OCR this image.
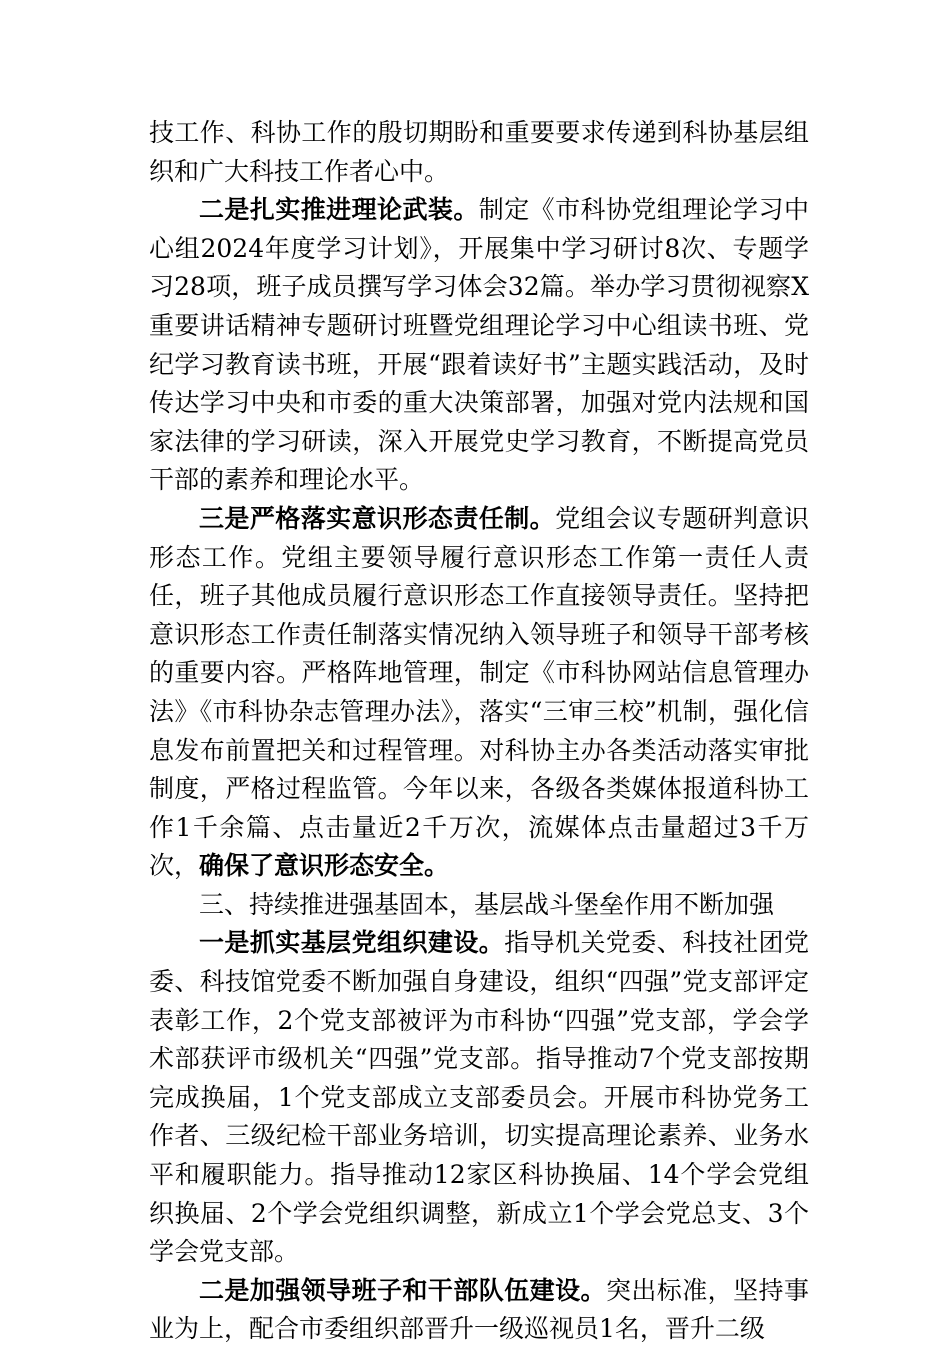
技工作、科协工作的殷切期盼和重要要求传递到科协基层组织和广大科技工作者心中。

二是扎实推进理论武装。制定《市科协党组理论学习中心组2024年度学习计划》，开展集中学习研讨8次、专题学习28项，班子成员撰写学习体会32篇。举办学习贯彻视察X重要讲话精神专题研讨班暨党组理论学习中心组读书班、党纪学习教育读书班，开展“跟着读好书”主题实践活动，及时传达学习中央和市委的重大决策部署，加强对党内法规和国家法律的学习研读，深入开展党史学习教育，不断提高党员干部的素养和理论水平。

三是严格落实意识形态责任制。党组会议专题研判意识形态工作。党组主要领导履行意识形态工作第一责任人责任，班子其他成员履行意识形态工作直接领导责任。坚持把意识形态工作责任制落实情况纳入领导班子和领导干部考核的重要内容。严格阵地管理，制定《市科协网站信息管理办法》《市科协杂志管理办法》，落实“三审三校”机制，强化信息发布前置把关和过程管理。对科协主办各类活动落实审批制度，严格过程监管。今年以来，各级各类媒体报道科协工作1千余篇、点击量近2千万次，流媒体点击量超过3千万次，确保了意识形态安全。

三、持续推进强基固本，基层战斗堡垒作用不断加强

一是抓实基层党组织建设。指导机关党委、科技社团党委、科技馆党委不断加强自身建设，组织“四强”党支部评定表彰工作，2个党支部被评为市科协“四强”党支部，学会学术部获评市级机关“四强”党支部。指导推动7个党支部按期完成换届，1个党支部成立支部委员会。开展市科协党务工作者、三级纪检干部业务培训，切实提高理论素养、业务水平和履职能力。指导推动12家区科协换届、14个学会党组织换届、2个学会党组织调整，新成立1个学会党总支、3个学会党支部。

二是加强领导班子和干部队伍建设。突出标准，坚持事业为上，配合市委组织部晋升一级巡视员1名，晋升二级
